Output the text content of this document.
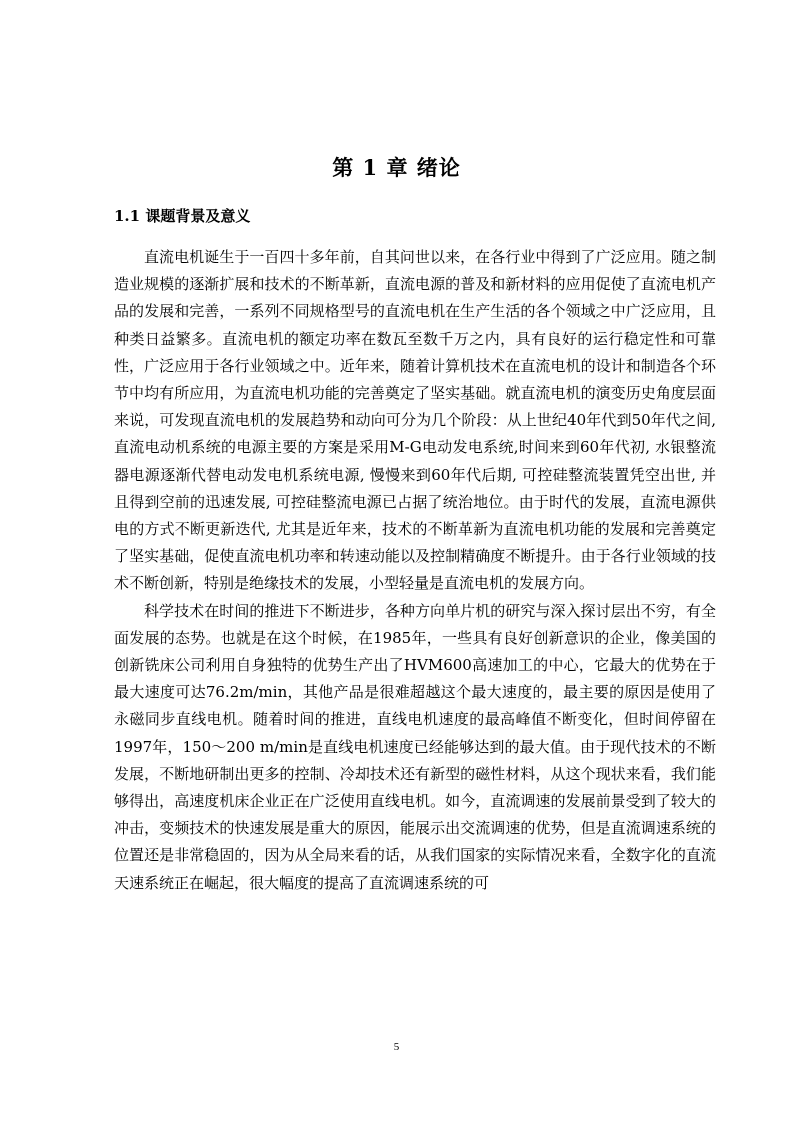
第 1 章 绪论
1.1 课题背景及意义

直流电机诞生于一百四十多年前，自其问世以来，在各行业中得到了广泛应用。随之制造业规模的逐渐扩展和技术的不断革新，直流电源的普及和新材料的应用促使了直流电机产品的发展和完善，一系列不同规格型号的直流电机在生产生活的各个领域之中广泛应用，且种类日益繁多。直流电机的额定功率在数瓦至数千万之内，具有良好的运行稳定性和可靠性，广泛应用于各行业领域之中。近年来，随着计算机技术在直流电机的设计和制造各个环节中均有所应用，为直流电机功能的完善奠定了坚实基础。就直流电机的演变历史角度层面来说，可发现直流电机的发展趋势和动向可分为几个阶段：从上世纪40年代到50年代之间, 直流电动机系统的电源主要的方案是采用M-G电动发电系统,时间来到60年代初, 水银整流器电源逐渐代替电动发电机系统电源, 慢慢来到60年代后期, 可控硅整流装置凭空出世, 并且得到空前的迅速发展, 可控硅整流电源已占据了统治地位。由于时代的发展，直流电源供电的方式不断更新迭代, 尤其是近年来，技术的不断革新为直流电机功能的发展和完善奠定了坚实基础，促使直流电机功率和转速动能以及控制精确度不断提升。由于各行业领域的技术不断创新，特别是绝缘技术的发展，小型轻量是直流电机的发展方向。

科学技术在时间的推进下不断进步，各种方向单片机的研究与深入探讨层出不穷，有全面发展的态势。也就是在这个时候，在1985年，一些具有良好创新意识的企业，像美国的创新铣床公司利用自身独特的优势生产出了HVM600高速加工的中心，它最大的优势在于最大速度可达76.2m/min，其他产品是很难超越这个最大速度的，最主要的原因是使用了永磁同步直线电机。随着时间的推进，直线电机速度的最高峰值不断变化，但时间停留在1997年，150～200 m/min是直线电机速度已经能够达到的最大值。由于现代技术的不断发展，不断地研制出更多的控制、冷却技术还有新型的磁性材料，从这个现状来看，我们能够得出，高速度机床企业正在广泛使用直线电机。如今，直流调速的发展前景受到了较大的冲击，变频技术的快速发展是重大的原因，能展示出交流调速的优势，但是直流调速系统的位置还是非常稳固的，因为从全局来看的话，从我们国家的实际情况来看，全数字化的直流天速系统正在崛起，很大幅度的提高了直流调速系统的可

5
